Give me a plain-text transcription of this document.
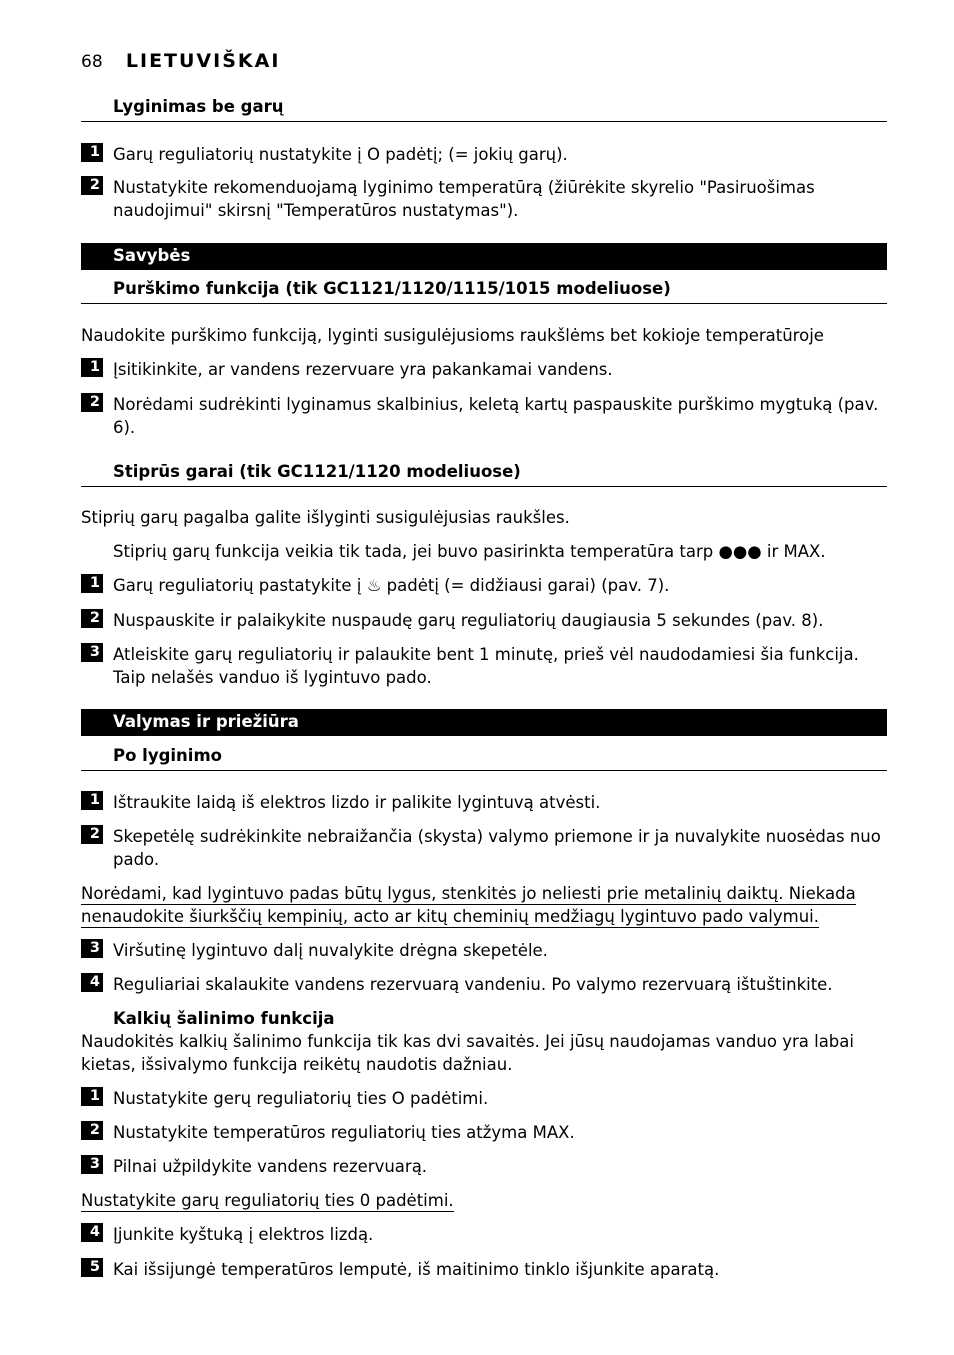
68 LIETUVIŠKAI
Lyginimas be garų
1 Garų reguliatorių nustatykite į O padėtį; (= jokių garų).
2 Nustatykite rekomenduojamą lyginimo temperatūrą (žiūrėkite skyrelio "Pasiruošimas naudojimui" skirsnį "Temperatūros nustatymas").
Savybės
Purškimo funkcija (tik GC1121/1120/1115/1015 modeliuose)
Naudokite purškimo funkciją, lyginti susigulėjusioms raukšlėms bet kokioje temperatūroje
1 Įsitikinkite, ar vandens rezervuare yra pakankamai vandens.
2 Norėdami sudrėkinti lyginamus skalbinius, keletą kartų paspauskite purškimo mygtuką (pav. 6).
Stiprūs garai (tik GC1121/1120 modeliuose)
Stiprių garų pagalba galite išlyginti susigulėjusias raukšles.
Stiprių garų funkcija veikia tik tada, jei buvo pasirinkta temperatūra tarp ●●● ir MAX.
1 Garų reguliatorių pastatykite į ♨ padėtį (= didžiausi garai) (pav. 7).
2 Nuspauskite ir palaikykite nuspaudę garų reguliatorių daugiausia 5 sekundes (pav. 8).
3 Atleiskite garų reguliatorių ir palaukite bent 1 minutę, prieš vėl naudodamiesi šia funkcija. Taip nelašės vanduo iš lygintuvo pado.
Valymas ir priežiūra
Po lyginimo
1 Ištraukite laidą iš elektros lizdo ir palikite lygintuvą atvėsti.
2 Skepetėlę sudrėkinkite nebraižančia (skysta) valymo priemone ir ja nuvalykite nuosėdas nuo pado.
Norėdami, kad lygintuvo padas būtų lygus, stenkitės jo neliesti prie metalinių daiktų. Niekada
nenaudokite šiurkščių kempinių, acto ar kitų cheminių medžiagų lygintuvo pado valymui.
3 Viršutinę lygintuvo dalį nuvalykite drėgna skepetėle.
4 Reguliariai skalaukite vandens rezervuarą vandeniu. Po valymo rezervuarą ištuštinkite.
Kalkių šalinimo funkcija
Naudokitės kalkių šalinimo funkcija tik kas dvi savaitės. Jei jūsų naudojamas vanduo yra labai kietas, išsivalymo funkcija reikėtų naudotis dažniau.
1 Nustatykite gerų reguliatorių ties O padėtimi.
2 Nustatykite temperatūros reguliatorių ties atžyma MAX.
3 Pilnai užpildykite vandens rezervuarą.
Nustatykite garų reguliatorių ties 0 padėtimi.
4 Įjunkite kyštuką į elektros lizdą.
5 Kai išsijungė temperatūros lemputė, iš maitinimo tinklo išjunkite aparatą.
